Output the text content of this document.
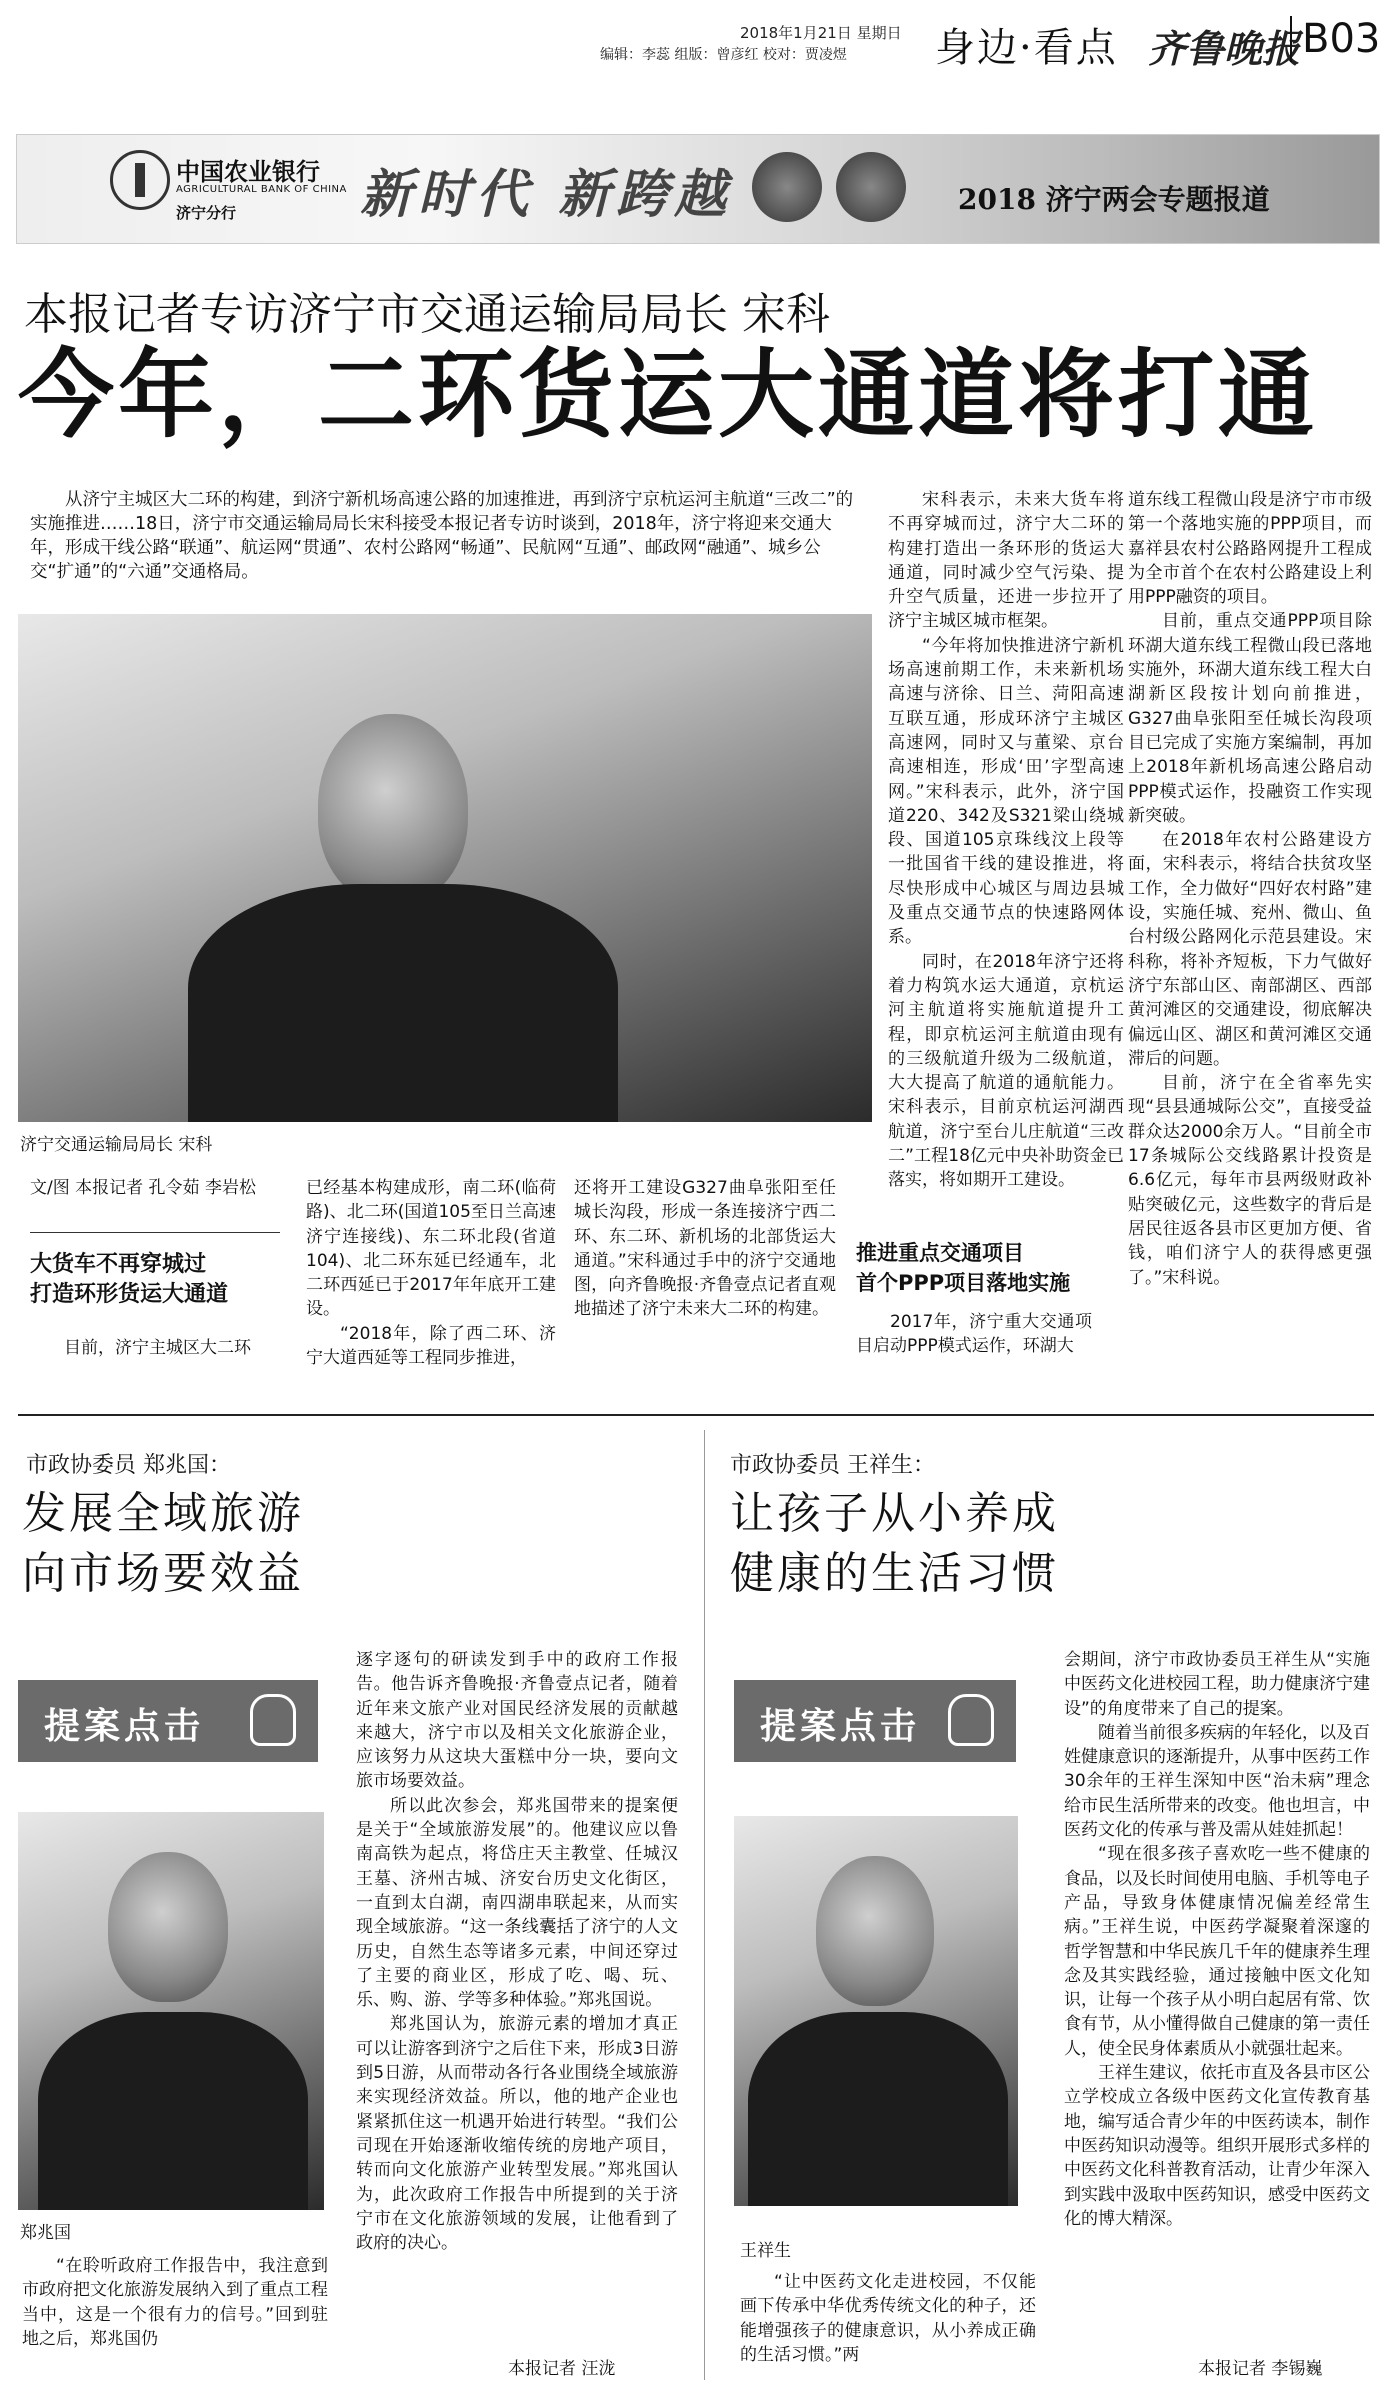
2018年1月21日 星期日
编辑：李蕊 组版：曾彦红 校对：贾凌煜	身边·看点 齐鲁晚报 B03
中国农业银行
AGRICULTURAL BANK OF CHINA
济宁分行 新时代 新跨越	2018 济宁两会专题报道
本报记者专访济宁市交通运输局局长 宋科
今年，二环货运大通道将打通
从济宁主城区大二环的构建，到济宁新机场高速公路的加速推进，再到济宁京杭运河主航道“三改二”的实施推进……18日，济宁市交通运输局局长宋科接受本报记者专访时谈到，2018年，济宁将迎来交通大年，形成干线公路“联通”、航运网“贯通”、农村公路网“畅通”、民航网“互通”、邮政网“融通”、城乡公交“扩通”的“六通”交通格局。
济宁交通运输局局长 宋科
文/图 本报记者 孔令茹 李岩松
大货车不再穿城过
打造环形货运大通道

目前，济宁主城区大二环

已经基本构建成形，南二环(临荷路)、北二环(国道105至日兰高速济宁连接线)、东二环北段(省道104)、北二环东延已经通车，北二环西延已于2017年年底开工建设。

“2018年，除了西二环、济宁大道西延等工程同步推进，

还将开工建设G327曲阜张阳至任城长沟段，形成一条连接济宁西二环、东二环、新机场的北部货运大通道。”宋科通过手中的济宁交通地图，向齐鲁晚报·齐鲁壹点记者直观地描述了济宁未来大二环的构建。

宋科表示，未来大货车将不再穿城而过，济宁大二环的构建打造出一条环形的货运大通道，同时减少空气污染、提升空气质量，还进一步拉开了济宁主城区城市框架。

“今年将加快推进济宁新机场高速前期工作，未来新机场高速与济徐、日兰、菏阳高速互联互通，形成环济宁主城区高速网，同时又与董梁、京台高速相连，形成‘田’字型高速网。”宋科表示，此外，济宁国道220、342及S321梁山绕城段、国道105京珠线汶上段等一批国省干线的建设推进，将尽快形成中心城区与周边县城及重点交通节点的快速路网体系。

同时，在2018年济宁还将着力构筑水运大通道，京杭运河主航道将实施航道提升工程，即京杭运河主航道由现有的三级航道升级为二级航道，大大提高了航道的通航能力。宋科表示，目前京杭运河湖西航道，济宁至台儿庄航道“三改二”工程18亿元中央补助资金已落实，将如期开工建设。

推进重点交通项目
首个PPP项目落地实施

2017年，济宁重大交通项目启动PPP模式运作，环湖大

道东线工程微山段是济宁市市级第一个落地实施的PPP项目，而嘉祥县农村公路路网提升工程成为全市首个在农村公路建设上利用PPP融资的项目。

目前，重点交通PPP项目除环湖大道东线工程微山段已落地实施外，环湖大道东线工程大白湖新区段按计划向前推进，G327曲阜张阳至任城长沟段项目已完成了实施方案编制，再加上2018年新机场高速公路启动PPP模式运作，投融资工作实现新突破。

在2018年农村公路建设方面，宋科表示，将结合扶贫攻坚工作，全力做好“四好农村路”建设，实施任城、兖州、微山、鱼台村级公路网化示范县建设。宋科称，将补齐短板，下力气做好济宁东部山区、南部湖区、西部黄河滩区的交通建设，彻底解决偏远山区、湖区和黄河滩区交通滞后的问题。

目前，济宁在全省率先实现“县县通城际公交”，直接受益群众达2000余万人。“目前全市17条城际公交线路累计投资是6.6亿元，每年市县两级财政补贴突破亿元，这些数字的背后是居民往返各县市区更加方便、省钱，咱们济宁人的获得感更强了。”宋科说。

市政协委员 郑兆国：
发展全域旅游
向市场要效益
提案点击
郑兆国

“在聆听政府工作报告中，我注意到市政府把文化旅游发展纳入到了重点工程当中，这是一个很有力的信号。”回到驻地之后，郑兆国仍

逐字逐句的研读发到手中的政府工作报告。他告诉齐鲁晚报·齐鲁壹点记者，随着近年来文旅产业对国民经济发展的贡献越来越大，济宁市以及相关文化旅游企业，应该努力从这块大蛋糕中分一块，要向文旅市场要效益。

所以此次参会，郑兆国带来的提案便是关于“全域旅游发展”的。他建议应以鲁南高铁为起点，将岱庄天主教堂、任城汉王墓、济州古城、济安台历史文化街区，一直到太白湖，南四湖串联起来，从而实现全域旅游。“这一条线囊括了济宁的人文历史，自然生态等诸多元素，中间还穿过了主要的商业区，形成了吃、喝、玩、乐、购、游、学等多种体验。”郑兆国说。

郑兆国认为，旅游元素的增加才真正可以让游客到济宁之后住下来，形成3日游到5日游，从而带动各行各业围绕全域旅游来实现经济效益。所以，他的地产企业也紧紧抓住这一机遇开始进行转型。“我们公司现在开始逐渐收缩传统的房地产项目，转而向文化旅游产业转型发展。”郑兆国认为，此次政府工作报告中所提到的关于济宁市在文化旅游领域的发展，让他看到了政府的决心。

本报记者 汪泷
市政协委员 王祥生：
让孩子从小养成
健康的生活习惯
提案点击
王祥生

“让中医药文化走进校园，不仅能画下传承中华优秀传统文化的种子，还能增强孩子的健康意识，从小养成正确的生活习惯。”两

会期间，济宁市政协委员王祥生从“实施中医药文化进校园工程，助力健康济宁建设”的角度带来了自己的提案。

随着当前很多疾病的年轻化，以及百姓健康意识的逐渐提升，从事中医药工作30余年的王祥生深知中医“治未病”理念给市民生活所带来的改变。他也坦言，中医药文化的传承与普及需从娃娃抓起！

“现在很多孩子喜欢吃一些不健康的食品，以及长时间使用电脑、手机等电子产品，导致身体健康情况偏差经常生病。”王祥生说，中医药学凝聚着深邃的哲学智慧和中华民族几千年的健康养生理念及其实践经验，通过接触中医文化知识，让每一个孩子从小明白起居有常、饮食有节，从小懂得做自己健康的第一责任人，使全民身体素质从小就强壮起来。

王祥生建议，依托市直及各县市区公立学校成立各级中医药文化宣传教育基地，编写适合青少年的中医药读本，制作中医药知识动漫等。组织开展形式多样的中医药文化科普教育活动，让青少年深入到实践中汲取中医药知识，感受中医药文化的博大精深。

本报记者 李锡巍
